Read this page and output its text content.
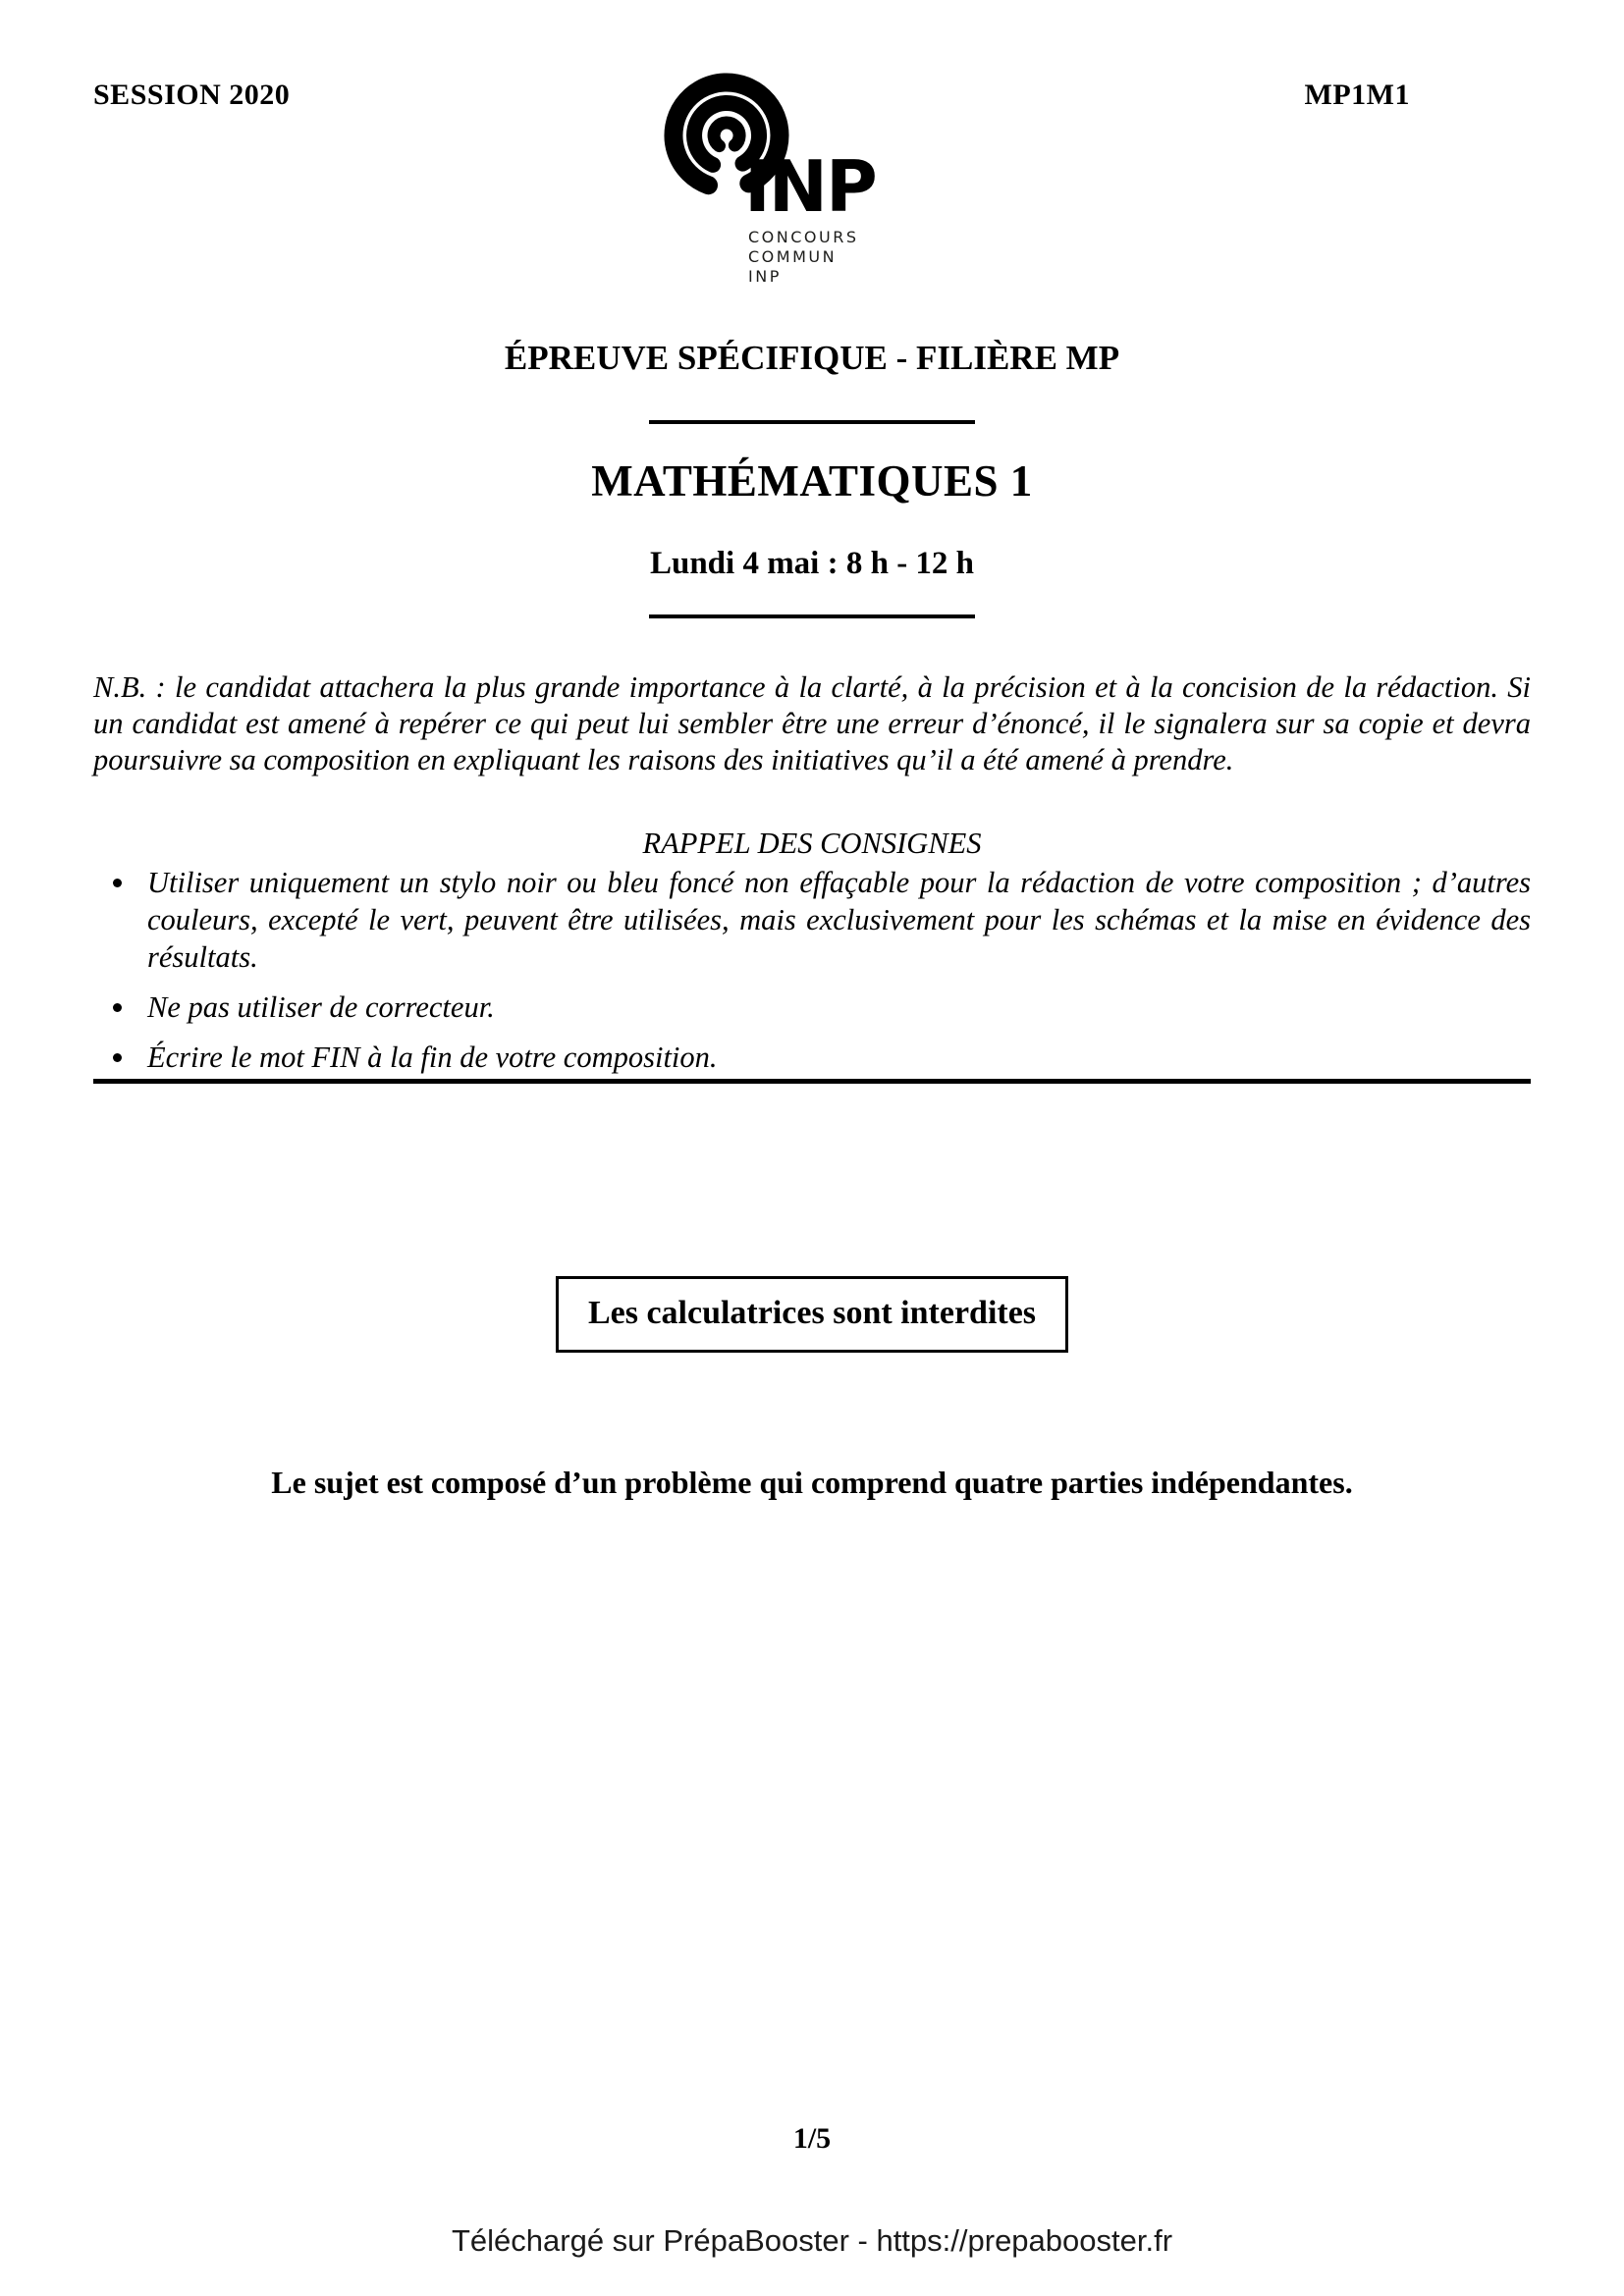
SESSION 2020	MP1M1
INP
CONCOURS
COMMUN
INP
ÉPREUVE SPÉCIFIQUE - FILIÈRE MP
MATHÉMATIQUES 1
Lundi 4 mai : 8 h - 12 h
N.B. : le candidat attachera la plus grande importance à la clarté, à la précision et à la concision de la rédaction. Si un candidat est amené à repérer ce qui peut lui sembler être une erreur d’énoncé, il le signalera sur sa copie et devra poursuivre sa composition en expliquant les raisons des initiatives qu’il a été amené à prendre.
RAPPEL DES CONSIGNES
Utiliser uniquement un stylo noir ou bleu foncé non effaçable pour la rédaction de votre composition ; d’autres couleurs, excepté le vert, peuvent être utilisées, mais exclusivement pour les schémas et la mise en évidence des résultats.
Ne pas utiliser de correcteur.
Écrire le mot FIN à la fin de votre composition.
Les calculatrices sont interdites
Le sujet est composé d’un problème qui comprend quatre parties indépendantes.
1/5
Téléchargé sur PrépaBooster - https://prepabooster.fr
